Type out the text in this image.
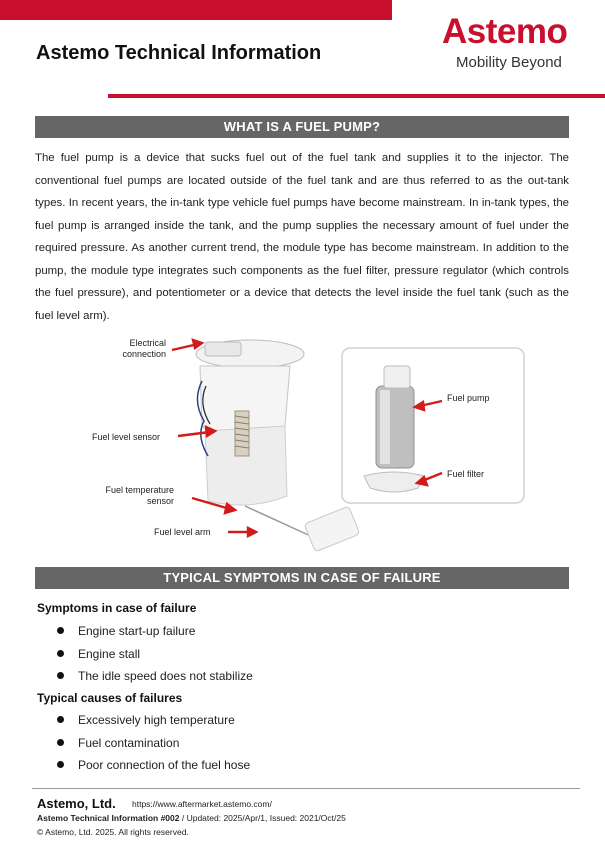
Astemo Technical Information
Astemo
Mobility Beyond
WHAT IS A FUEL PUMP?
The fuel pump is a device that sucks fuel out of the fuel tank and supplies it to the injector. The conventional fuel pumps are located outside of the fuel tank and are thus referred to as the out-tank types. In recent years, the in-tank type vehicle fuel pumps have become mainstream. In in-tank types, the fuel pump is arranged inside the tank, and the pump supplies the necessary amount of fuel under the required pressure. As another current trend, the module type has become mainstream. In addition to the pump, the module type integrates such components as the fuel filter, pressure regulator (which controls the fuel pressure), and potentiometer or a device that detects the level inside the fuel tank (such as the fuel level arm).
Electrical
connection
Fuel level sensor
Fuel temperature
sensor
Fuel level arm
Fuel pump
Fuel filter
TYPICAL SYMPTOMS IN CASE OF FAILURE
Symptoms in case of failure
Engine start-up failure
Engine stall
The idle speed does not stabilize
Typical causes of failures
Excessively high temperature
Fuel contamination
Poor connection of the fuel hose
Astemo, Ltd. https://www.aftermarket.astemo.com/
Astemo Technical Information #002 / Updated: 2025/Apr/1, Issued: 2021/Oct/25
© Astemo, Ltd. 2025. All rights reserved.
